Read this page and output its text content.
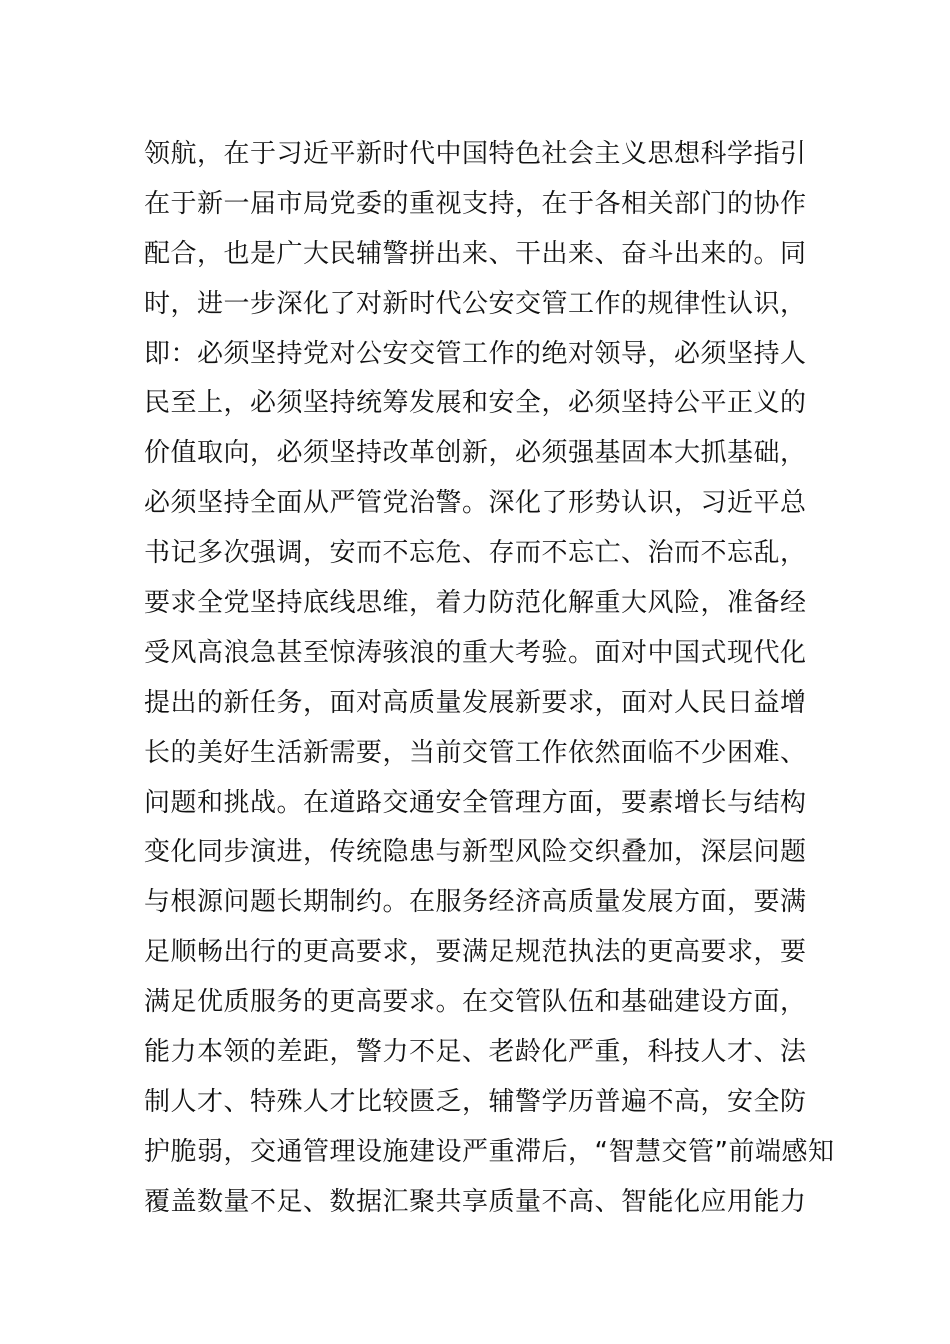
领航，在于习近平新时代中国特色社会主义思想科学指引
在于新一届市局党委的重视支持，在于各相关部门的协作
配合，也是广大民辅警拼出来、干出来、奋斗出来的。同
时，进一步深化了对新时代公安交管工作的规律性认识，
即：必须坚持党对公安交管工作的绝对领导，必须坚持人
民至上，必须坚持统筹发展和安全，必须坚持公平正义的
价值取向，必须坚持改革创新，必须强基固本大抓基础，
必须坚持全面从严管党治警。深化了形势认识，习近平总
书记多次强调，安而不忘危、存而不忘亡、治而不忘乱，
要求全党坚持底线思维，着力防范化解重大风险，准备经
受风高浪急甚至惊涛骇浪的重大考验。面对中国式现代化
提出的新任务，面对高质量发展新要求，面对人民日益增
长的美好生活新需要，当前交管工作依然面临不少困难、
问题和挑战。在道路交通安全管理方面，要素增长与结构
变化同步演进，传统隐患与新型风险交织叠加，深层问题
与根源问题长期制约。在服务经济高质量发展方面，要满
足顺畅出行的更高要求，要满足规范执法的更高要求，要
满足优质服务的更高要求。在交管队伍和基础建设方面，
能力本领的差距，警力不足、老龄化严重，科技人才、法
制人才、特殊人才比较匮乏，辅警学历普遍不高，安全防
护脆弱，交通管理设施建设严重滞后，“智慧交管”前端感知
覆盖数量不足、数据汇聚共享质量不高、智能化应用能力
